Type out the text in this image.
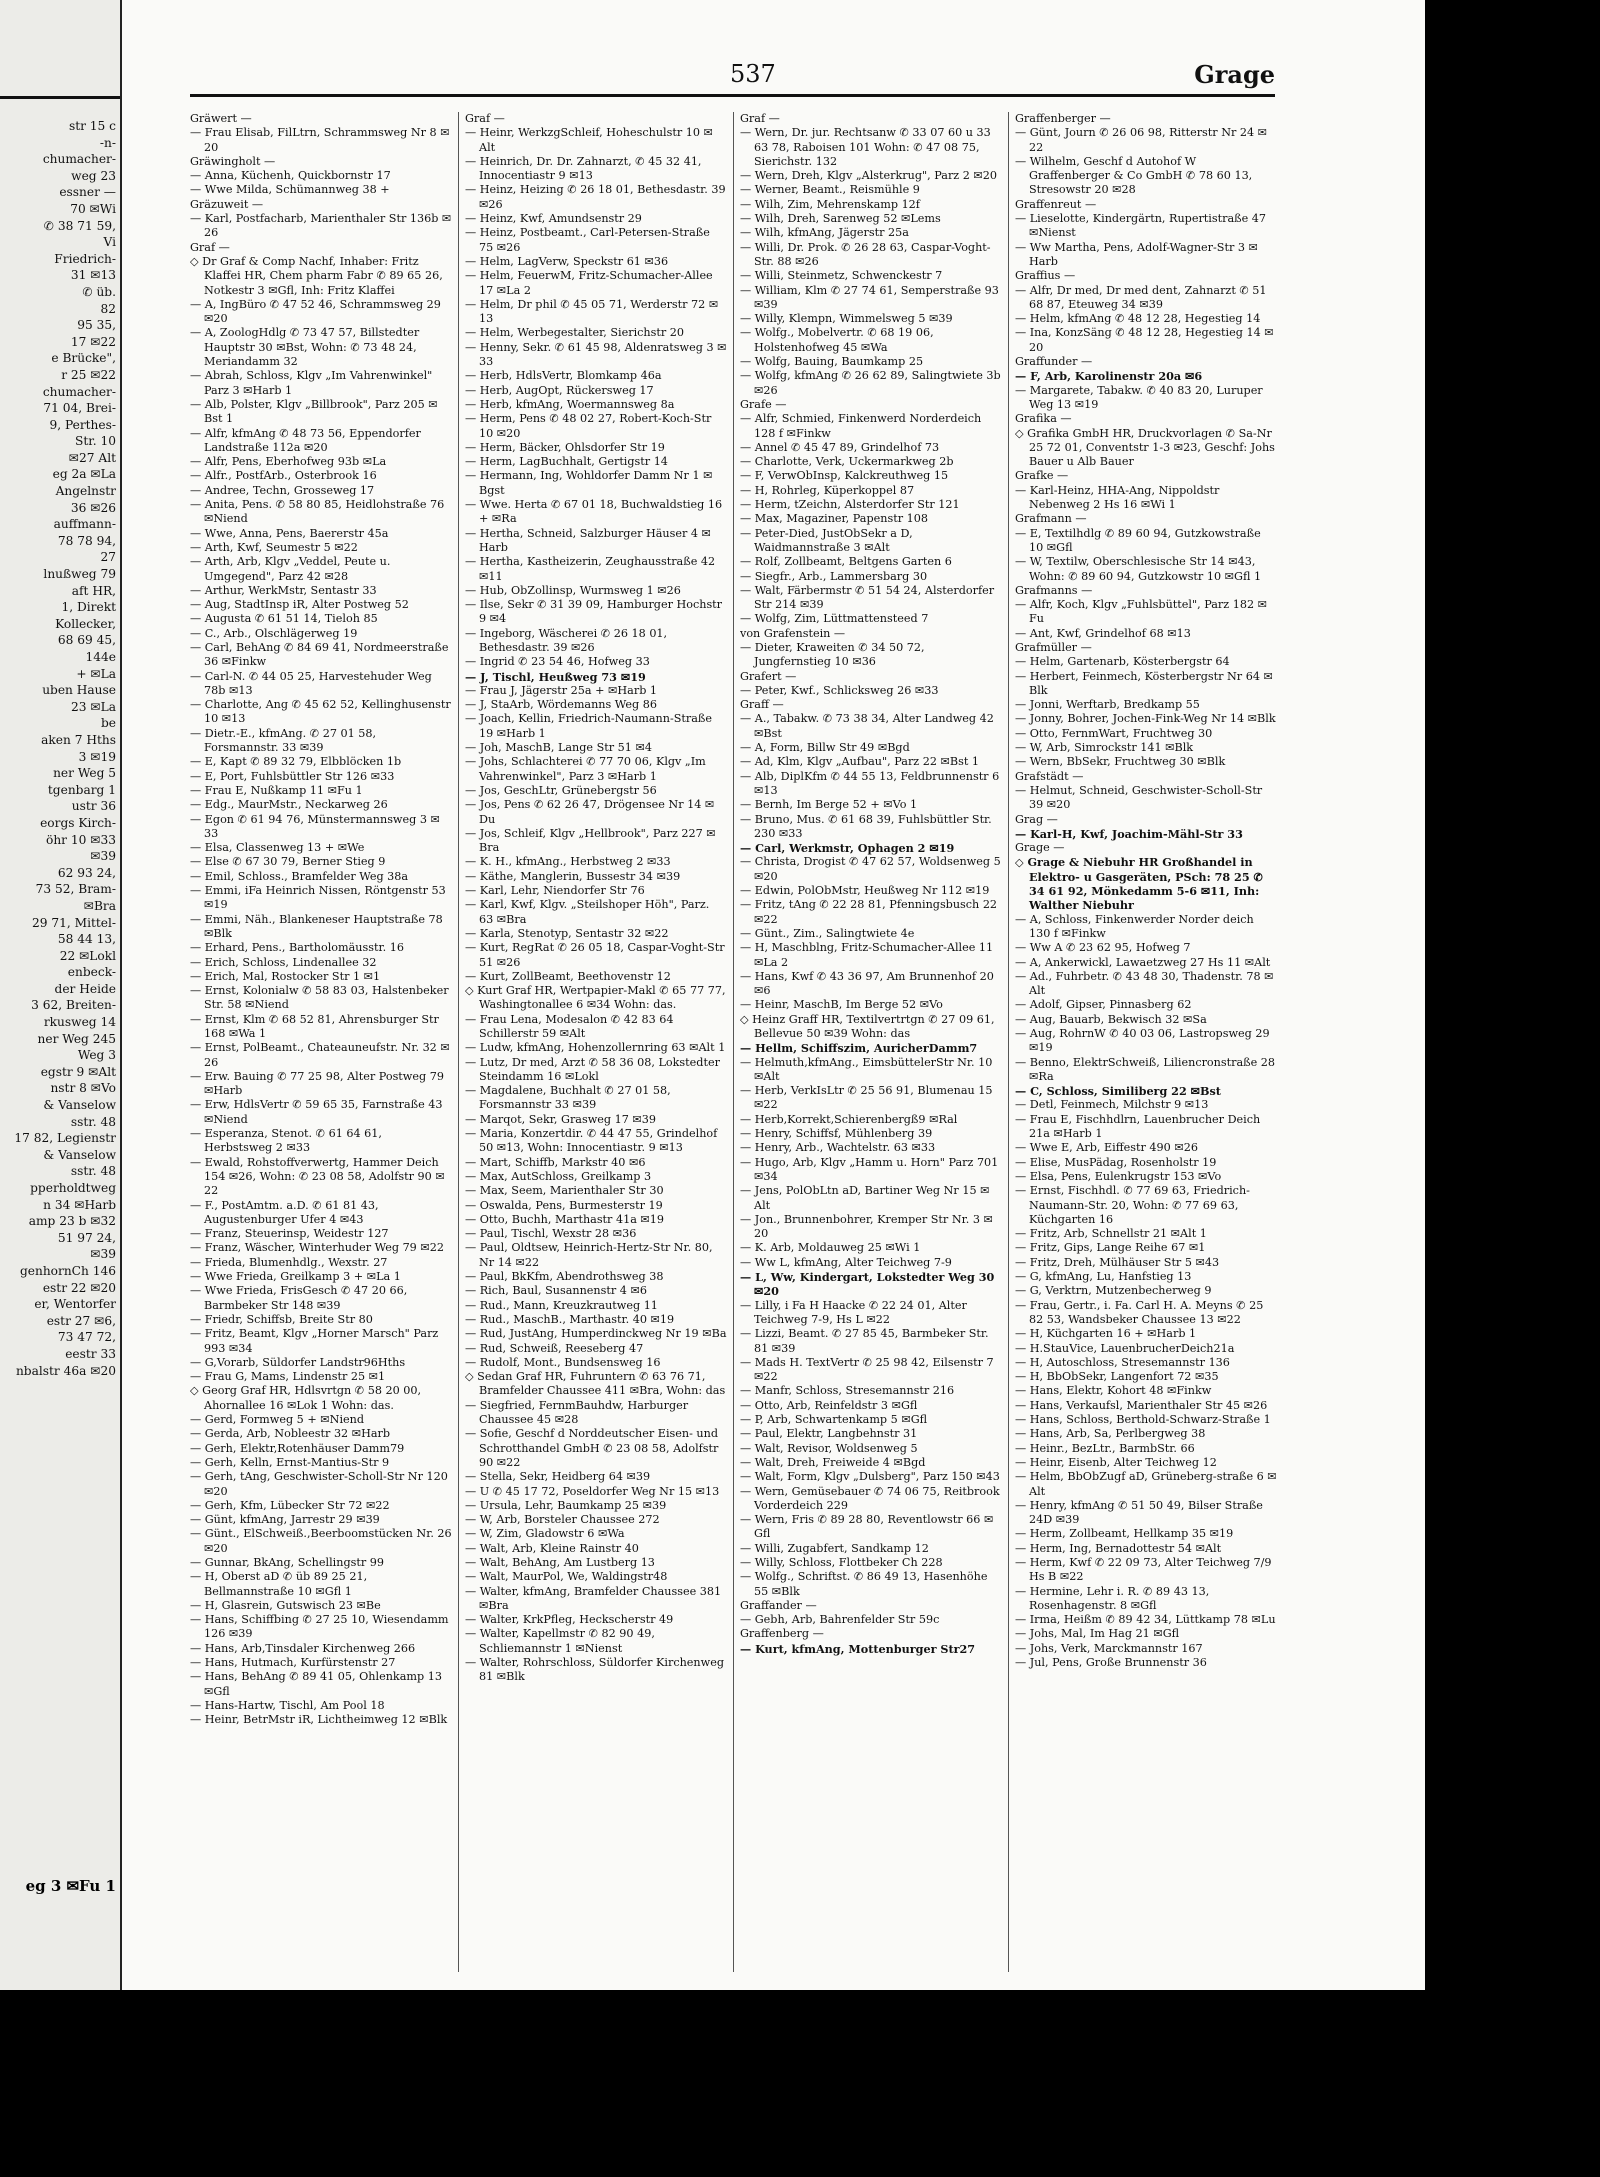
str 15 c
-n-
chumacher-
weg 23
essner —
70 ✉Wi
✆ 38 71 59,
Vi
Friedrich-
31 ✉13
✆ üb.
82
95 35,
17 ✉22
e Brücke",
r 25 ✉22
chumacher-
71 04, Brei-
9, Perthes-
Str. 10
✉27 Alt
eg 2a ✉La
Angelnstr
36 ✉26
auffmann-
78 78 94,
27
lnußweg 79
aft HR,
1, Direkt
Kollecker,
68 69 45,
144e
+ ✉La
uben Hause
23 ✉La
be
aken 7 Hths
3 ✉19
ner Weg 5
tgenbarg 1
ustr 36
eorgs Kirch-
öhr 10 ✉33
✉39
62 93 24,
73 52, Bram-
✉Bra
29 71, Mittel-
58 44 13,
22 ✉Lokl
enbeck-
der Heide
3 62, Breiten-
rkusweg 14
ner Weg 245
Weg 3
egstr 9 ✉Alt
nstr 8 ✉Vo
& Vanselow
sstr. 48
17 82, Legienstr
& Vanselow
sstr. 48
pperholdtweg
n 34 ✉Harb
amp 23 b ✉32
51 97 24,
✉39
genhornCh 146
estr 22 ✉20
er, Wentorfer
estr 27 ✉6,
73 47 72,
eestr 33
nbalstr 46a ✉20
eg 3 ✉Fu 1
537	Grage
Gräwert —
— Frau Elisab, FilLtrn, Schrammsweg Nr 8 ✉20
Gräwingholt —
— Anna, Küchenh, Quickbornstr 17
— Wwe Milda, Schümannweg 38 +
Gräzuweit —
— Karl, Postfacharb, Marienthaler Str 136b ✉26
Graf —
◇ Dr Graf & Comp Nachf, Inhaber: Fritz Klaffei HR, Chem pharm Fabr ✆ 89 65 26, Notkestr 3 ✉Gfl, Inh: Fritz Klaffei
— A, IngBüro ✆ 47 52 46, Schrammsweg 29 ✉20
— A, ZoologHdlg ✆ 73 47 57, Billstedter Hauptstr 30 ✉Bst, Wohn: ✆ 73 48 24, Meriandamm 32
— Abrah, Schloss, Klgv „Im Vahrenwinkel" Parz 3 ✉Harb 1
— Alb, Polster, Klgv „Billbrook", Parz 205 ✉Bst 1
— Alfr, kfmAng ✆ 48 73 56, Eppendorfer Landstraße 112a ✉20
— Alfr, Pens, Eberhofweg 93b ✉La
— Alfr., PostfArb., Osterbrook 16
— Andree, Techn, Grosseweg 17
— Anita, Pens. ✆ 58 80 85, Heidlohstraße 76 ✉Niend
— Wwe, Anna, Pens, Baererstr 45a
— Arth, Kwf, Seumestr 5 ✉22
— Arth, Arb, Klgv „Veddel, Peute u. Umgegend", Parz 42 ✉28
— Arthur, WerkMstr, Sentastr 33
— Aug, StadtInsp iR, Alter Postweg 52
— Augusta ✆ 61 51 14, Tieloh 85
— C., Arb., Olschlägerweg 19
— Carl, BehAng ✆ 84 69 41, Nordmeerstraße 36 ✉Finkw
— Carl-N. ✆ 44 05 25, Harvestehuder Weg 78b ✉13
— Charlotte, Ang ✆ 45 62 52, Kellinghusenstr 10 ✉13
— Dietr.-E., kfmAng. ✆ 27 01 58, Forsmannstr. 33 ✉39
— E, Kapt ✆ 89 32 79, Elbblöcken 1b
— E, Port, Fuhlsbüttler Str 126 ✉33
— Frau E, Nußkamp 11 ✉Fu 1
— Edg., MaurMstr., Neckarweg 26
— Egon ✆ 61 94 76, Münstermannsweg 3 ✉33
— Elsa, Classenweg 13 + ✉We
— Else ✆ 67 30 79, Berner Stieg 9
— Emil, Schloss., Bramfelder Weg 38a
— Emmi, iFa Heinrich Nissen, Röntgenstr 53 ✉19
— Emmi, Näh., Blankeneser Hauptstraße 78 ✉Blk
— Erhard, Pens., Bartholomäusstr. 16
— Erich, Schloss, Lindenallee 32
— Erich, Mal, Rostocker Str 1 ✉1
— Ernst, Kolonialw ✆ 58 83 03, Halstenbeker Str. 58 ✉Niend
— Ernst, Klm ✆ 68 52 81, Ahrensburger Str 168 ✉Wa 1
— Ernst, PolBeamt., Chateauneufstr. Nr. 32 ✉26
— Erw. Bauing ✆ 77 25 98, Alter Postweg 79 ✉Harb
— Erw, HdlsVertr ✆ 59 65 35, Farnstraße 43 ✉Niend
— Esperanza, Stenot. ✆ 61 64 61, Herbstsweg 2 ✉33
— Ewald, Rohstoffverwertg, Hammer Deich 154 ✉26, Wohn: ✆ 23 08 58, Adolfstr 90 ✉22
— F., PostAmtm. a.D. ✆ 61 81 43, Augustenburger Ufer 4 ✉43
— Franz, Steuerinsp, Weidestr 127
— Franz, Wäscher, Winterhuder Weg 79 ✉22
— Frieda, Blumenhdlg., Wexstr. 27
— Wwe Frieda, Greilkamp 3 + ✉La 1
— Wwe Frieda, FrisGesch ✆ 47 20 66, Barmbeker Str 148 ✉39
— Friedr, Schiffsb, Breite Str 80
— Fritz, Beamt, Klgv „Horner Marsch" Parz 993 ✉34
— G,Vorarb, Süldorfer Landstr96Hths
— Frau G, Mams, Lindenstr 25 ✉1
◇ Georg Graf HR, Hdlsvrtgn ✆ 58 20 00, Ahornallee 16 ✉Lok 1 Wohn: das.
— Gerd, Formweg 5 + ✉Niend
— Gerda, Arb, Nobleestr 32 ✉Harb
— Gerh, Elektr,Rotenhäuser Damm79
— Gerh, Kelln, Ernst-Mantius-Str 9
— Gerh, tAng, Geschwister-Scholl-Str Nr 120 ✉20
— Gerh, Kfm, Lübecker Str 72 ✉22
— Günt, kfmAng, Jarrestr 29 ✉39
— Günt., ElSchweiß.,Beerboomstücken Nr. 26 ✉20
— Gunnar, BkAng, Schellingstr 99
— H, Oberst aD ✆ üb 89 25 21, Bellmannstraße 10 ✉Gfl 1
— H, Glasrein, Gutswisch 23 ✉Be
— Hans, Schiffbing ✆ 27 25 10, Wiesendamm 126 ✉39
— Hans, Arb,Tinsdaler Kirchenweg 266
— Hans, Hutmach, Kurfürstenstr 27
— Hans, BehAng ✆ 89 41 05, Ohlenkamp 13 ✉Gfl
— Hans-Hartw, Tischl, Am Pool 18
— Heinr, BetrMstr iR, Lichtheimweg 12 ✉Blk
Graf —
— Heinr, WerkzgSchleif, Hoheschulstr 10 ✉Alt
— Heinrich, Dr. Dr. Zahnarzt, ✆ 45 32 41, Innocentiastr 9 ✉13
— Heinz, Heizing ✆ 26 18 01, Bethesdastr. 39 ✉26
— Heinz, Kwf, Amundsenstr 29
— Heinz, Postbeamt., Carl-Petersen-Straße 75 ✉26
— Helm, LagVerw, Speckstr 61 ✉36
— Helm, FeuerwM, Fritz-Schumacher-Allee 17 ✉La 2
— Helm, Dr phil ✆ 45 05 71, Werderstr 72 ✉13
— Helm, Werbegestalter, Sierichstr 20
— Henny, Sekr. ✆ 61 45 98, Aldenratsweg 3 ✉33
— Herb, HdlsVertr, Blomkamp 46a
— Herb, AugOpt, Rückersweg 17
— Herb, kfmAng, Woermannsweg 8a
— Herm, Pens ✆ 48 02 27, Robert-Koch-Str 10 ✉20
— Herm, Bäcker, Ohlsdorfer Str 19
— Herm, LagBuchhalt, Gertigstr 14
— Hermann, Ing, Wohldorfer Damm Nr 1 ✉Bgst
— Wwe. Herta ✆ 67 01 18, Buchwaldstieg 16 + ✉Ra
— Hertha, Schneid, Salzburger Häuser 4 ✉Harb
— Hertha, Kastheizerin, Zeughausstraße 42 ✉11
— Hub, ObZollinsp, Wurmsweg 1 ✉26
— Ilse, Sekr ✆ 31 39 09, Hamburger Hochstr 9 ✉4
— Ingeborg, Wäscherei ✆ 26 18 01, Bethesdastr. 39 ✉26
— Ingrid ✆ 23 54 46, Hofweg 33
— J, Tischl, Heußweg 73 ✉19
— Frau J, Jägerstr 25a + ✉Harb 1
— J, StaArb, Wördemanns Weg 86
— Joach, Kellin, Friedrich-Naumann-Straße 19 ✉Harb 1
— Joh, MaschB, Lange Str 51 ✉4
— Johs, Schlachterei ✆ 77 70 06, Klgv „Im Vahrenwinkel", Parz 3 ✉Harb 1
— Jos, GeschLtr, Grünebergstr 56
— Jos, Pens ✆ 62 26 47, Drögensee Nr 14 ✉Du
— Jos, Schleif, Klgv „Hellbrook", Parz 227 ✉Bra
— K. H., kfmAng., Herbstweg 2 ✉33
— Käthe, Manglerin, Bussestr 34 ✉39
— Karl, Lehr, Niendorfer Str 76
— Karl, Kwf, Klgv. „Steilshoper Höh", Parz. 63 ✉Bra
— Karla, Stenotyp, Sentastr 32 ✉22
— Kurt, RegRat ✆ 26 05 18, Caspar-Voght-Str 51 ✉26
— Kurt, ZollBeamt, Beethovenstr 12
◇ Kurt Graf HR, Wertpapier-Makl ✆ 65 77 77, Washingtonallee 6 ✉34 Wohn: das.
— Frau Lena, Modesalon ✆ 42 83 64 Schillerstr 59 ✉Alt
— Ludw, kfmAng, Hohenzollernring 63 ✉Alt 1
— Lutz, Dr med, Arzt ✆ 58 36 08, Lokstedter Steindamm 16 ✉Lokl
— Magdalene, Buchhalt ✆ 27 01 58, Forsmannstr 33 ✉39
— Marqot, Sekr, Grasweg 17 ✉39
— Maria, Konzertdir. ✆ 44 47 55, Grindelhof 50 ✉13, Wohn: Innocentiastr. 9 ✉13
— Mart, Schiffb, Markstr 40 ✉6
— Max, AutSchloss, Greilkamp 3
— Max, Seem, Marienthaler Str 30
— Oswalda, Pens, Burmesterstr 19
— Otto, Buchh, Marthastr 41a ✉19
— Paul, Tischl, Wexstr 28 ✉36
— Paul, Oldtsew, Heinrich-Hertz-Str Nr. 80, Nr 14 ✉22
— Paul, BkKfm, Abendrothsweg 38
— Rich, Baul, Susannenstr 4 ✉6
— Rud., Mann, Kreuzkrautweg 11
— Rud., MaschB., Marthastr. 40 ✉19
— Rud, JustAng, Humperdinckweg Nr 19 ✉Ba
— Rud, Schweiß, Reeseberg 47
— Rudolf, Mont., Bundsensweg 16
◇ Sedan Graf HR, Fuhruntern ✆ 63 76 71, Bramfelder Chaussee 411 ✉Bra, Wohn: das
— Siegfried, FernmBauhdw, Harburger Chaussee 45 ✉28
— Sofie, Geschf d Norddeutscher Eisen- und Schrotthandel GmbH ✆ 23 08 58, Adolfstr 90 ✉22
— Stella, Sekr, Heidberg 64 ✉39
— U ✆ 45 17 72, Poseldorfer Weg Nr 15 ✉13
— Ursula, Lehr, Baumkamp 25 ✉39
— W, Arb, Borsteler Chaussee 272
— W, Zim, Gladowstr 6 ✉Wa
— Walt, Arb, Kleine Rainstr 40
— Walt, BehAng, Am Lustberg 13
— Walt, MaurPol, We, Waldingstr48
— Walter, kfmAng, Bramfelder Chaussee 381 ✉Bra
— Walter, KrkPfleg, Heckscherstr 49
— Walter, Kapellmstr ✆ 82 90 49, Schliemannstr 1 ✉Nienst
— Walter, Rohrschloss, Süldorfer Kirchenweg 81 ✉Blk
Graf —
— Wern, Dr. jur. Rechtsanw ✆ 33 07 60 u 33 63 78, Raboisen 101 Wohn: ✆ 47 08 75, Sierichstr. 132
— Wern, Dreh, Klgv „Alsterkrug", Parz 2 ✉20
— Werner, Beamt., Reismühle 9
— Wilh, Zim, Mehrenskamp 12f
— Wilh, Dreh, Sarenweg 52 ✉Lems
— Wilh, kfmAng, Jägerstr 25a
— Willi, Dr. Prok. ✆ 26 28 63, Caspar-Voght-Str. 88 ✉26
— Willi, Steinmetz, Schwenckestr 7
— William, Klm ✆ 27 74 61, Semperstraße 93 ✉39
— Willy, Klempn, Wimmelsweg 5 ✉39
— Wolfg., Mobelvertr. ✆ 68 19 06, Holstenhofweg 45 ✉Wa
— Wolfg, Bauing, Baumkamp 25
— Wolfg, kfmAng ✆ 26 62 89, Salingtwiete 3b ✉26
Grafe —
— Alfr, Schmied, Finkenwerd Norderdeich 128 f ✉Finkw
— Annel ✆ 45 47 89, Grindelhof 73
— Charlotte, Verk, Uckermarkweg 2b
— F, VerwObInsp, Kalckreuthweg 15
— H, Rohrleg, Küperkoppel 87
— Herm, tZeichn, Alsterdorfer Str 121
— Max, Magaziner, Papenstr 108
— Peter-Died, JustObSekr a D, Waidmannstraße 3 ✉Alt
— Rolf, Zollbeamt, Beltgens Garten 6
— Siegfr., Arb., Lammersbarg 30
— Walt, Färbermstr ✆ 51 54 24, Alsterdorfer Str 214 ✉39
— Wolfg, Zim, Lüttmattensteed 7
von Grafenstein —
— Dieter, Kraweiten ✆ 34 50 72, Jungfernstieg 10 ✉36
Grafert —
— Peter, Kwf., Schlicksweg 26 ✉33
Graff —
— A., Tabakw. ✆ 73 38 34, Alter Landweg 42 ✉Bst
— A, Form, Billw Str 49 ✉Bgd
— Ad, Klm, Klgv „Aufbau", Parz 22 ✉Bst 1
— Alb, DiplKfm ✆ 44 55 13, Feldbrunnenstr 6 ✉13
— Bernh, Im Berge 52 + ✉Vo 1
— Bruno, Mus. ✆ 61 68 39, Fuhlsbüttler Str. 230 ✉33
— Carl, Werkmstr, Ophagen 2 ✉19
— Christa, Drogist ✆ 47 62 57, Woldsenweg 5 ✉20
— Edwin, PolObMstr, Heußweg Nr 112 ✉19
— Fritz, tAng ✆ 22 28 81, Pfenningsbusch 22 ✉22
— Günt., Zim., Salingtwiete 4e
— H, Maschblng, Fritz-Schumacher-Allee 11 ✉La 2
— Hans, Kwf ✆ 43 36 97, Am Brunnenhof 20 ✉6
— Heinr, MaschB, Im Berge 52 ✉Vo
◇ Heinz Graff HR, Textilvertrtgn ✆ 27 09 61, Bellevue 50 ✉39 Wohn: das
— Hellm, Schiffszim, AuricherDamm7
— Helmuth,kfmAng., EimsbüttelerStr Nr. 10 ✉Alt
— Herb, VerkIsLtr ✆ 25 56 91, Blumenau 15 ✉22
— Herb,Korrekt,Schierenbergß9 ✉Ral
— Henry, Schiffsf, Mühlenberg 39
— Henry, Arb., Wachtelstr. 63 ✉33
— Hugo, Arb, Klgv „Hamm u. Horn" Parz 701 ✉34
— Jens, PolObLtn aD, Bartiner Weg Nr 15 ✉Alt
— Jon., Brunnenbohrer, Kremper Str Nr. 3 ✉20
— K. Arb, Moldauweg 25 ✉Wi 1
— Ww L, kfmAng, Alter Teichweg 7-9
— L, Ww, Kindergart, Lokstedter Weg 30 ✉20
— Lilly, i Fa H Haacke ✆ 22 24 01, Alter Teichweg 7-9, Hs L ✉22
— Lizzi, Beamt. ✆ 27 85 45, Barmbeker Str. 81 ✉39
— Mads H. TextVertr ✆ 25 98 42, Eilsenstr 7 ✉22
— Manfr, Schloss, Stresemannstr 216
— Otto, Arb, Reinfeldstr 3 ✉Gfl
— P, Arb, Schwartenkamp 5 ✉Gfl
— Paul, Elektr, Langbehnstr 31
— Walt, Revisor, Woldsenweg 5
— Walt, Dreh, Freiweide 4 ✉Bgd
— Walt, Form, Klgv „Dulsberg", Parz 150 ✉43
— Wern, Gemüsebauer ✆ 74 06 75, Reitbrook Vorderdeich 229
— Wern, Fris ✆ 89 28 80, Reventlowstr 66 ✉Gfl
— Willi, Zugabfert, Sandkamp 12
— Willy, Schloss, Flottbeker Ch 228
— Wolfg., Schriftst. ✆ 86 49 13, Hasenhöhe 55 ✉Blk
Graffander —
— Gebh, Arb, Bahrenfelder Str 59c
Graffenberg —
— Kurt, kfmAng, Mottenburger Str27
Graffenberger —
— Günt, Journ ✆ 26 06 98, Ritterstr Nr 24 ✉22
— Wilhelm, Geschf d Autohof W Graffenberger & Co GmbH ✆ 78 60 13, Stresowstr 20 ✉28
Graffenreut —
— Lieselotte, Kindergärtn, Rupertistraße 47 ✉Nienst
— Ww Martha, Pens, Adolf-Wagner-Str 3 ✉Harb
Graffius —
— Alfr, Dr med, Dr med dent, Zahnarzt ✆ 51 68 87, Eteuweg 34 ✉39
— Helm, kfmAng ✆ 48 12 28, Hegestieg 14
— Ina, KonzSäng ✆ 48 12 28, Hegestieg 14 ✉20
Graffunder —
— F, Arb, Karolinenstr 20a ✉6
— Margarete, Tabakw. ✆ 40 83 20, Luruper Weg 13 ✉19
Grafika —
◇ Grafika GmbH HR, Druckvorlagen ✆ Sa-Nr 25 72 01, Conventstr 1-3 ✉23, Geschf: Johs Bauer u Alb Bauer
Grafke —
— Karl-Heinz, HHA-Ang, Nippoldstr Nebenweg 2 Hs 16 ✉Wi 1
Grafmann —
— E, Textilhdlg ✆ 89 60 94, Gutzkowstraße 10 ✉Gfl
— W, Textilw, Oberschlesische Str 14 ✉43, Wohn: ✆ 89 60 94, Gutzkowstr 10 ✉Gfl 1
Grafmanns —
— Alfr, Koch, Klgv „Fuhlsbüttel", Parz 182 ✉Fu
— Ant, Kwf, Grindelhof 68 ✉13
Grafmüller —
— Helm, Gartenarb, Kösterbergstr 64
— Herbert, Feinmech, Kösterbergstr Nr 64 ✉Blk
— Jonni, Werftarb, Bredkamp 55
— Jonny, Bohrer, Jochen-Fink-Weg Nr 14 ✉Blk
— Otto, FernmWart, Fruchtweg 30
— W, Arb, Simrockstr 141 ✉Blk
— Wern, BbSekr, Fruchtweg 30 ✉Blk
Grafstädt —
— Helmut, Schneid, Geschwister-Scholl-Str 39 ✉20
Grag —
— Karl-H, Kwf, Joachim-Mähl-Str 33
Grage —
◇ Grage & Niebuhr HR Großhandel in Elektro- u Gasgeräten, PSch: 78 25 ✆ 34 61 92, Mönkedamm 5-6 ✉11, Inh: Walther Niebuhr
— A, Schloss, Finkenwerder Norder deich 130 f ✉Finkw
— Ww A ✆ 23 62 95, Hofweg 7
— A, Ankerwickl, Lawaetzweg 27 Hs 11 ✉Alt
— Ad., Fuhrbetr. ✆ 43 48 30, Thadenstr. 78 ✉Alt
— Adolf, Gipser, Pinnasberg 62
— Aug, Bauarb, Bekwisch 32 ✉Sa
— Aug, RohrnW ✆ 40 03 06, Lastropsweg 29 ✉19
— Benno, ElektrSchweiß, Liliencronstraße 28 ✉Ra
— C, Schloss, Similiberg 22 ✉Bst
— Detl, Feinmech, Milchstr 9 ✉13
— Frau E, Fischhdlrn, Lauenbrucher Deich 21a ✉Harb 1
— Wwe E, Arb, Eiffestr 490 ✉26
— Elise, MusPädag, Rosenholstr 19
— Elsa, Pens, Eulenkrugstr 153 ✉Vo
— Ernst, Fischhdl. ✆ 77 69 63, Friedrich-Naumann-Str. 20, Wohn: ✆ 77 69 63, Küchgarten 16
— Fritz, Arb, Schnellstr 21 ✉Alt 1
— Fritz, Gips, Lange Reihe 67 ✉1
— Fritz, Dreh, Mülhäuser Str 5 ✉43
— G, kfmAng, Lu, Hanfstieg 13
— G, Verktrn, Mutzenbecherweg 9
— Frau, Gertr., i. Fa. Carl H. A. Meyns ✆ 25 82 53, Wandsbeker Chaussee 13 ✉22
— H, Küchgarten 16 + ✉Harb 1
— H.StauVice, LauenbrucherDeich21a
— H, Autoschloss, Stresemannstr 136
— H, BbObSekr, Langenfort 72 ✉35
— Hans, Elektr, Kohort 48 ✉Finkw
— Hans, Verkaufsl, Marienthaler Str 45 ✉26
— Hans, Schloss, Berthold-Schwarz-Straße 1
— Hans, Arb, Sa, Perlbergweg 38
— Heinr., BezLtr., BarmbStr. 66
— Heinr, Eisenb, Alter Teichweg 12
— Helm, BbObZugf aD, Grüneberg-straße 6 ✉Alt
— Henry, kfmAng ✆ 51 50 49, Bilser Straße 24D ✉39
— Herm, Zollbeamt, Hellkamp 35 ✉19
— Herm, Ing, Bernadottestr 54 ✉Alt
— Herm, Kwf ✆ 22 09 73, Alter Teichweg 7/9 Hs B ✉22
— Hermine, Lehr i. R. ✆ 89 43 13, Rosenhagenstr. 8 ✉Gfl
— Irma, Heißm ✆ 89 42 34, Lüttkamp 78 ✉Lu
— Johs, Mal, Im Hag 21 ✉Gfl
— Johs, Verk, Marckmannstr 167
— Jul, Pens, Große Brunnenstr 36
